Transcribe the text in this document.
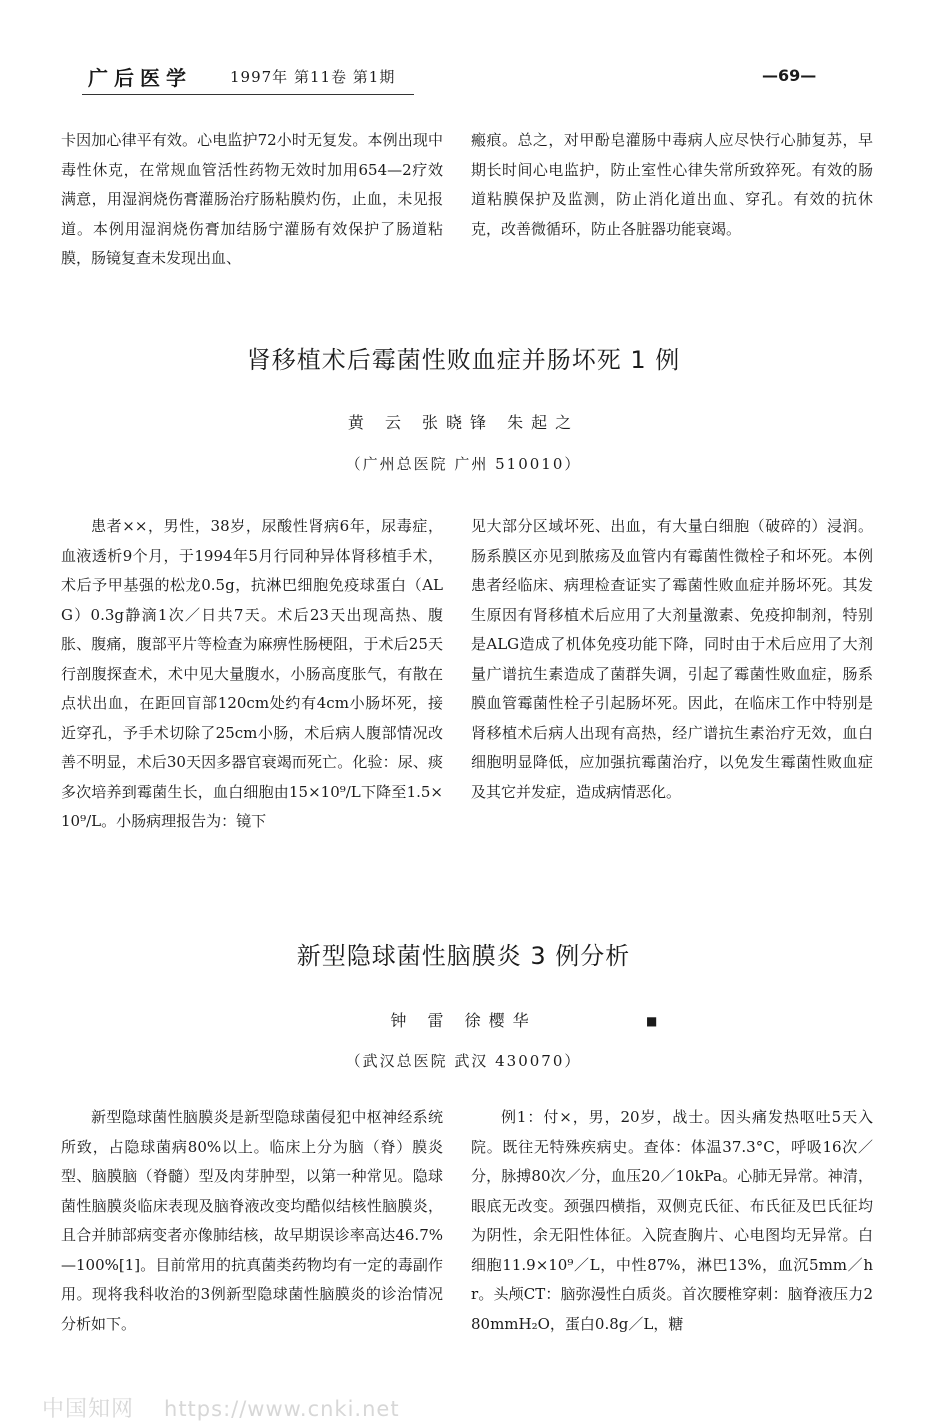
广后医学	1997年 第11卷 第1期	—69—

卡因加心律平有效。心电监护72小时无复发。本例出现中毒性休克，在常规血管活性药物无效时加用654—2疗效满意，用湿润烧伤膏灌肠治疗肠粘膜灼伤，止血，未见报道。本例用湿润烧伤膏加结肠宁灌肠有效保护了肠道粘膜，肠镜复查未发现出血、

瘢痕。总之，对甲酚皂灌肠中毒病人应尽快行心肺复苏，早期长时间心电监护，防止室性心律失常所致猝死。有效的肠道粘膜保护及监测，防止消化道出血、穿孔。有效的抗休克，改善微循环，防止各脏器功能衰竭。

肾移植术后霉菌性败血症并肠坏死 1 例
黄 云 张晓锋 朱起之
（广州总医院 广州 510010）

患者××，男性，38岁，尿酸性肾病6年，尿毒症，血液透析9个月，于1994年5月行同种异体肾移植手术，术后予甲基强的松龙0.5g，抗淋巴细胞免疫球蛋白（ALG）0.3g静滴1次／日共7天。术后23天出现高热、腹胀、腹痛，腹部平片等检查为麻痹性肠梗阻，于术后25天行剖腹探查术，术中见大量腹水，小肠高度胀气，有散在点状出血，在距回盲部120cm处约有4cm小肠坏死，接近穿孔，予手术切除了25cm小肠，术后病人腹部情况改善不明显，术后30天因多器官衰竭而死亡。化验：尿、痰多次培养到霉菌生长，血白细胞由15×10⁹/L下降至1.5×10⁹/L。小肠病理报告为：镜下

见大部分区域坏死、出血，有大量白细胞（破碎的）浸润。肠系膜区亦见到脓疡及血管内有霉菌性微栓子和坏死。本例患者经临床、病理检查证实了霉菌性败血症并肠坏死。其发生原因有肾移植术后应用了大剂量激素、免疫抑制剂，特别是ALG造成了机体免疫功能下降，同时由于术后应用了大剂量广谱抗生素造成了菌群失调，引起了霉菌性败血症，肠系膜血管霉菌性栓子引起肠坏死。因此，在临床工作中特别是肾移植术后病人出现有高热，经广谱抗生素治疗无效，血白细胞明显降低，应加强抗霉菌治疗，以免发生霉菌性败血症及其它并发症，造成病情恶化。

新型隐球菌性脑膜炎 3 例分析
钟 雷 徐樱华	■
（武汉总医院 武汉 430070）

新型隐球菌性脑膜炎是新型隐球菌侵犯中枢神经系统所致，占隐球菌病80%以上。临床上分为脑（脊）膜炎型、脑膜脑（脊髓）型及肉芽肿型，以第一种常见。隐球菌性脑膜炎临床表现及脑脊液改变均酷似结核性脑膜炎，且合并肺部病变者亦像肺结核，故早期误诊率高达46.7%—100%[1]。目前常用的抗真菌类药物均有一定的毒副作用。现将我科收治的3例新型隐球菌性脑膜炎的诊治情况分析如下。

例1：付×，男，20岁，战士。因头痛发热呕吐5天入院。既往无特殊疾病史。查体：体温37.3°C，呼吸16次／分，脉搏80次／分，血压20／10kPa。心肺无异常。神清，眼底无改变。颈强四横指，双侧克氏征、布氏征及巴氏征均为阴性，余无阳性体征。入院查胸片、心电图均无异常。白细胞11.9×10⁹／L，中性87%，淋巴13%，血沉5mm／hr。头颅CT：脑弥漫性白质炎。首次腰椎穿刺：脑脊液压力280mmH₂O，蛋白0.8g／L，糖

中国知网 https://www.cnki.net
